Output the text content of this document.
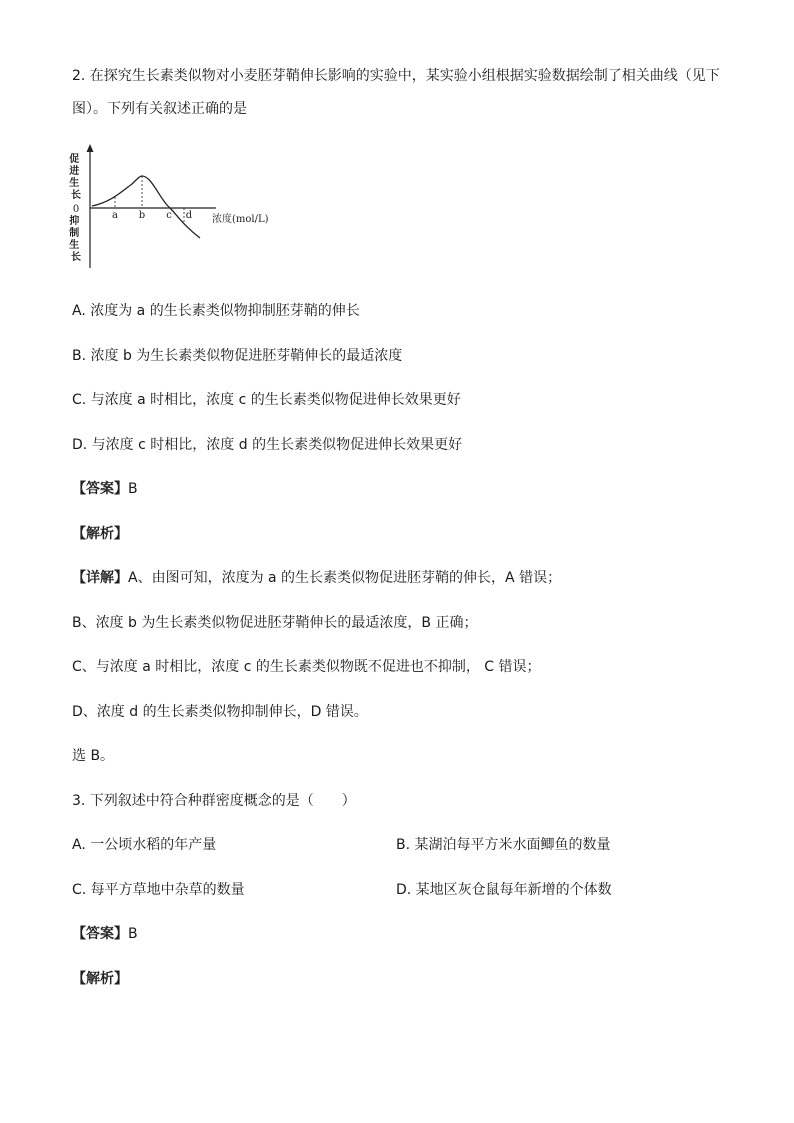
2. 在探究生长素类似物对小麦胚芽鞘伸长影响的实验中，某实验小组根据实验数据绘制了相关曲线（见下
图）。下列有关叙述正确的是
促 进 生 长
0
抑 制 生 长
a b c d 浓度(mol/L)
A. 浓度为 a 的生长素类似物抑制胚芽鞘的伸长
B. 浓度 b 为生长素类似物促进胚芽鞘伸长的最适浓度
C. 与浓度 a 时相比，浓度 c 的生长素类似物促进伸长效果更好
D. 与浓度 c 时相比，浓度 d 的生长素类似物促进伸长效果更好
【答案】B
【解析】
【详解】A、由图可知，浓度为 a 的生长素类似物促进胚芽鞘的伸长，A 错误；
B、浓度 b 为生长素类似物促进胚芽鞘伸长的最适浓度，B 正确；
C、与浓度 a 时相比，浓度 c 的生长素类似物既不促进也不抑制， C 错误；
D、浓度 d 的生长素类似物抑制伸长，D 错误。
选 B。
3. 下列叙述中符合种群密度概念的是（　　）
A. 一公顷水稻的年产量	B. 某湖泊每平方米水面鲫鱼的数量
C. 每平方草地中杂草的数量	D. 某地区灰仓鼠每年新增的个体数
【答案】B
【解析】
